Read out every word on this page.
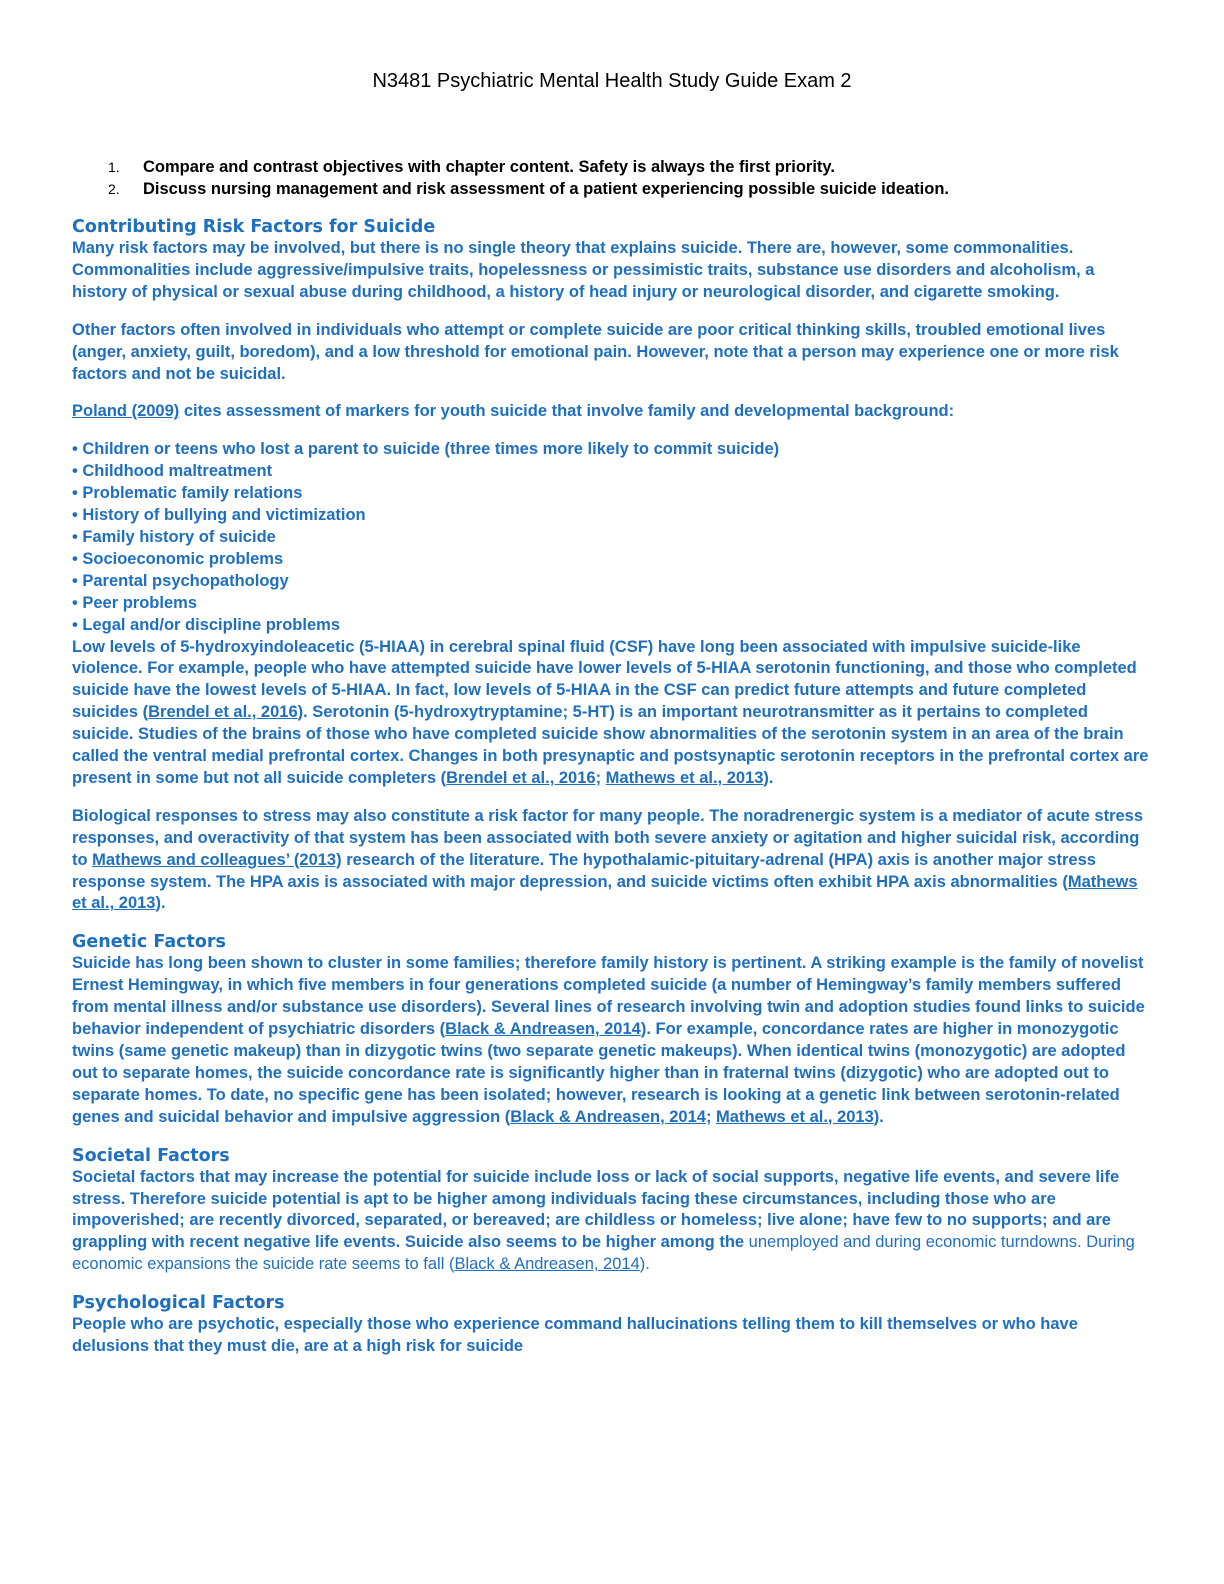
N3481 Psychiatric Mental Health Study Guide Exam 2
1. Compare and contrast objectives with chapter content. Safety is always the first priority.
2. Discuss nursing management and risk assessment of a patient experiencing possible suicide ideation.
Contributing Risk Factors for Suicide

Many risk factors may be involved, but there is no single theory that explains suicide. There are, however, some commonalities. Commonalities include aggressive/impulsive traits, hopelessness or pessimistic traits, substance use disorders and alcoholism, a history of physical or sexual abuse during childhood, a history of head injury or neurological disorder, and cigarette smoking.

Other factors often involved in individuals who attempt or complete suicide are poor critical thinking skills, troubled emotional lives (anger, anxiety, guilt, boredom), and a low threshold for emotional pain. However, note that a person may experience one or more risk factors and not be suicidal.

Poland (2009) cites assessment of markers for youth suicide that involve family and developmental background:

• Children or teens who lost a parent to suicide (three times more likely to commit suicide)
• Childhood maltreatment
• Problematic family relations
• History of bullying and victimization
• Family history of suicide
• Socioeconomic problems
• Parental psychopathology
• Peer problems
• Legal and/or discipline problems

Low levels of 5-hydroxyindoleacetic (5-HIAA) in cerebral spinal fluid (CSF) have long been associated with impulsive suicide-like violence. For example, people who have attempted suicide have lower levels of 5-HIAA serotonin functioning, and those who completed suicide have the lowest levels of 5-HIAA. In fact, low levels of 5-HIAA in the CSF can predict future attempts and future completed suicides (Brendel et al., 2016). Serotonin (5-hydroxytryptamine; 5-HT) is an important neurotransmitter as it pertains to completed suicide. Studies of the brains of those who have completed suicide show abnormalities of the serotonin system in an area of the brain called the ventral medial prefrontal cortex. Changes in both presynaptic and postsynaptic serotonin receptors in the prefrontal cortex are present in some but not all suicide completers (Brendel et al., 2016; Mathews et al., 2013).

Biological responses to stress may also constitute a risk factor for many people. The noradrenergic system is a mediator of acute stress responses, and overactivity of that system has been associated with both severe anxiety or agitation and higher suicidal risk, according to Mathews and colleagues’ (2013) research of the literature. The hypothalamic-pituitary-adrenal (HPA) axis is another major stress response system. The HPA axis is associated with major depression, and suicide victims often exhibit HPA axis abnormalities (Mathews et al., 2013).

Genetic Factors

Suicide has long been shown to cluster in some families; therefore family history is pertinent. A striking example is the family of novelist Ernest Hemingway, in which five members in four generations completed suicide (a number of Hemingway’s family members suffered from mental illness and/or substance use disorders). Several lines of research involving twin and adoption studies found links to suicide behavior independent of psychiatric disorders (Black & Andreasen, 2014). For example, concordance rates are higher in monozygotic twins (same genetic makeup) than in dizygotic twins (two separate genetic makeups). When identical twins (monozygotic) are adopted out to separate homes, the suicide concordance rate is significantly higher than in fraternal twins (dizygotic) who are adopted out to separate homes. To date, no specific gene has been isolated; however, research is looking at a genetic link between serotonin-related genes and suicidal behavior and impulsive aggression (Black & Andreasen, 2014; Mathews et al., 2013).

Societal Factors

Societal factors that may increase the potential for suicide include loss or lack of social supports, negative life events, and severe life stress. Therefore suicide potential is apt to be higher among individuals facing these circumstances, including those who are impoverished; are recently divorced, separated, or bereaved; are childless or homeless; live alone; have few to no supports; and are grappling with recent negative life events. Suicide also seems to be higher among the unemployed and during economic turndowns. During economic expansions the suicide rate seems to fall (Black & Andreasen, 2014).

Psychological Factors

People who are psychotic, especially those who experience command hallucinations telling them to kill themselves or who have delusions that they must die, are at a high risk for suicide
